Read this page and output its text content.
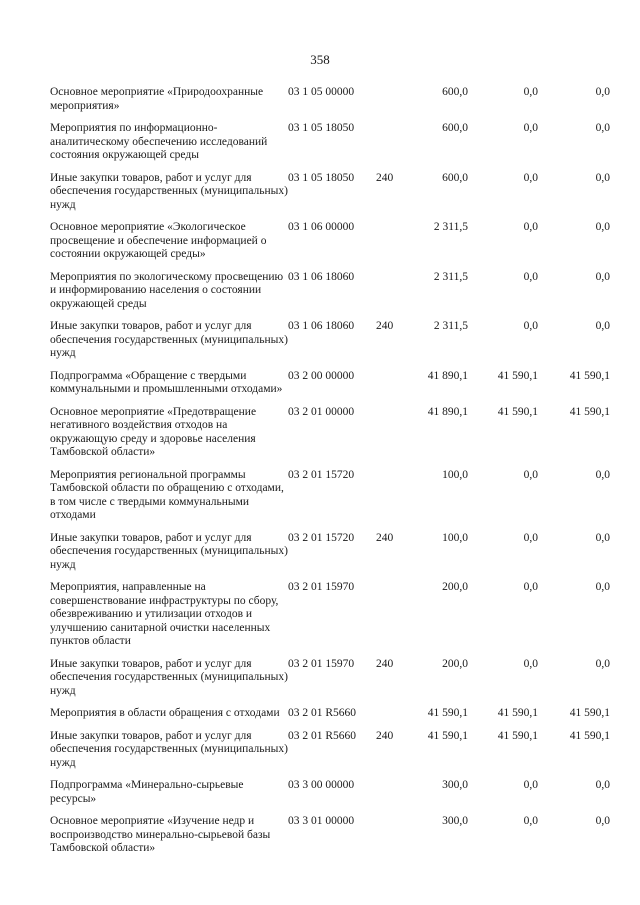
358
Основное мероприятие «Природоохранные мероприятия»	03 1 05 00000		600,0	0,0	0,0
Мероприятия по информационно-аналитическому обеспечению исследований состояния окружающей среды	03 1 05 18050		600,0	0,0	0,0
Иные закупки товаров, работ и услуг для обеспечения государственных (муниципальных) нужд	03 1 05 18050	240	600,0	0,0	0,0
Основное мероприятие «Экологическое просвещение и обеспечение информацией о состоянии окружающей среды»	03 1 06 00000		2 311,5	0,0	0,0
Мероприятия по экологическому просвещению и информированию населения о состоянии окружающей среды	03 1 06 18060		2 311,5	0,0	0,0
Иные закупки товаров, работ и услуг для обеспечения государственных (муниципальных) нужд	03 1 06 18060	240	2 311,5	0,0	0,0
Подпрограмма «Обращение с твердыми коммунальными и промышленными отходами»	03 2 00 00000		41 890,1	41 590,1	41 590,1
Основное мероприятие «Предотвращение негативного воздействия отходов на окружающую среду и здоровье населения Тамбовской области»	03 2 01 00000		41 890,1	41 590,1	41 590,1
Мероприятия региональной программы Тамбовской области по обращению с отходами, в том числе с твердыми коммунальными отходами	03 2 01 15720		100,0	0,0	0,0
Иные закупки товаров, работ и услуг для обеспечения государственных (муниципальных) нужд	03 2 01 15720	240	100,0	0,0	0,0
Мероприятия, направленные на совершенствование инфраструктуры по сбору, обезвреживанию и утилизации отходов и улучшению санитарной очистки населенных пунктов области	03 2 01 15970		200,0	0,0	0,0
Иные закупки товаров, работ и услуг для обеспечения государственных (муниципальных) нужд	03 2 01 15970	240	200,0	0,0	0,0
Мероприятия в области обращения с отходами	03 2 01 R5660		41 590,1	41 590,1	41 590,1
Иные закупки товаров, работ и услуг для обеспечения государственных (муниципальных) нужд	03 2 01 R5660	240	41 590,1	41 590,1	41 590,1
Подпрограмма «Минерально-сырьевые ресурсы»	03 3 00 00000		300,0	0,0	0,0
Основное мероприятие «Изучение недр и воспроизводство минерально-сырьевой базы Тамбовской области»	03 3 01 00000		300,0	0,0	0,0
